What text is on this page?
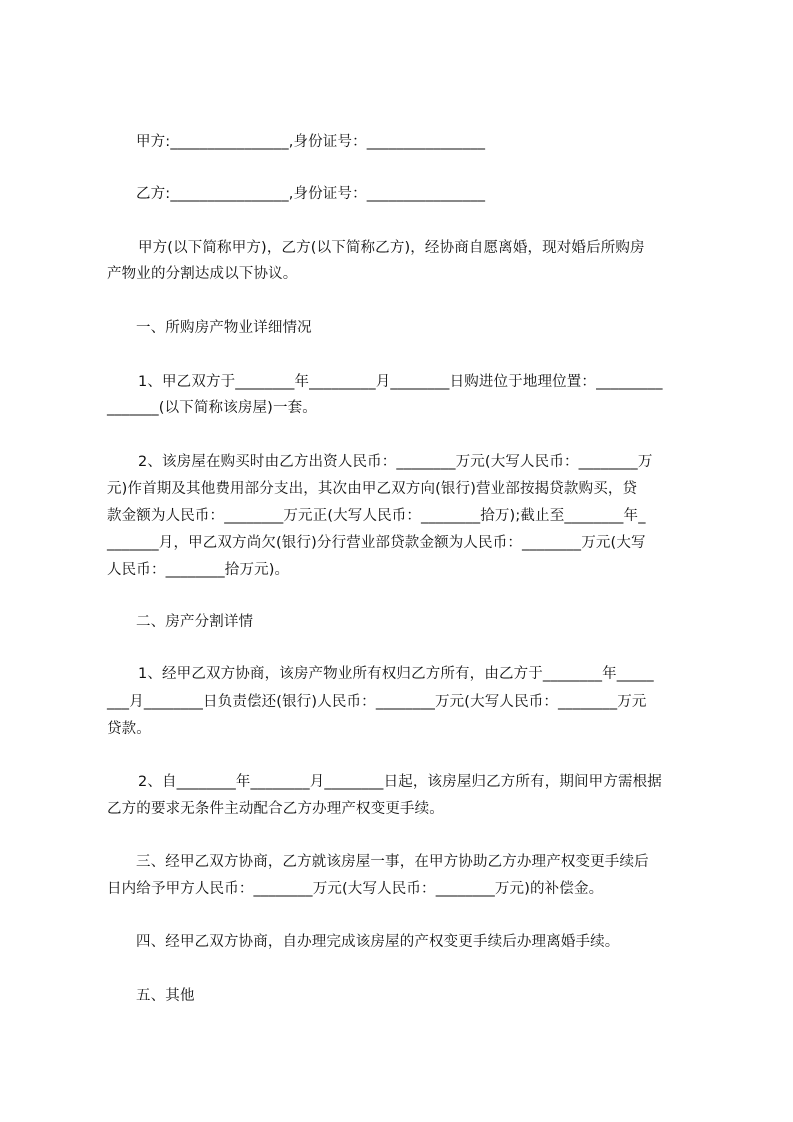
甲方:________________,身份证号：________________
乙方:________________,身份证号：________________
甲方(以下简称甲方)，乙方(以下简称乙方)，经协商自愿离婚，现对婚后所购房
产物业的分割达成以下协议。
一、所购房产物业详细情况
1、甲乙双方于________年_________月________日购进位于地理位置：_________
_______(以下简称该房屋)一套。
2、该房屋在购买时由乙方出资人民币：________万元(大写人民币：________万
元)作首期及其他费用部分支出，其次由甲乙双方向(银行)营业部按揭贷款购买，贷
款金额为人民币：________万元正(大写人民币：________拾万);截止至________年_
_______月，甲乙双方尚欠(银行)分行营业部贷款金额为人民币：________万元(大写
人民币：________拾万元)。
二、房产分割详情
1、经甲乙双方协商，该房产物业所有权归乙方所有，由乙方于________年_____
___月________日负责偿还(银行)人民币：________万元(大写人民币：________万元
贷款。
2、自________年________月________日起，该房屋归乙方所有，期间甲方需根据
乙方的要求无条件主动配合乙方办理产权变更手续。
三、经甲乙双方协商，乙方就该房屋一事，在甲方协助乙方办理产权变更手续后
日内给予甲方人民币：________万元(大写人民币：________万元)的补偿金。
四、经甲乙双方协商，自办理完成该房屋的产权变更手续后办理离婚手续。
五、其他
